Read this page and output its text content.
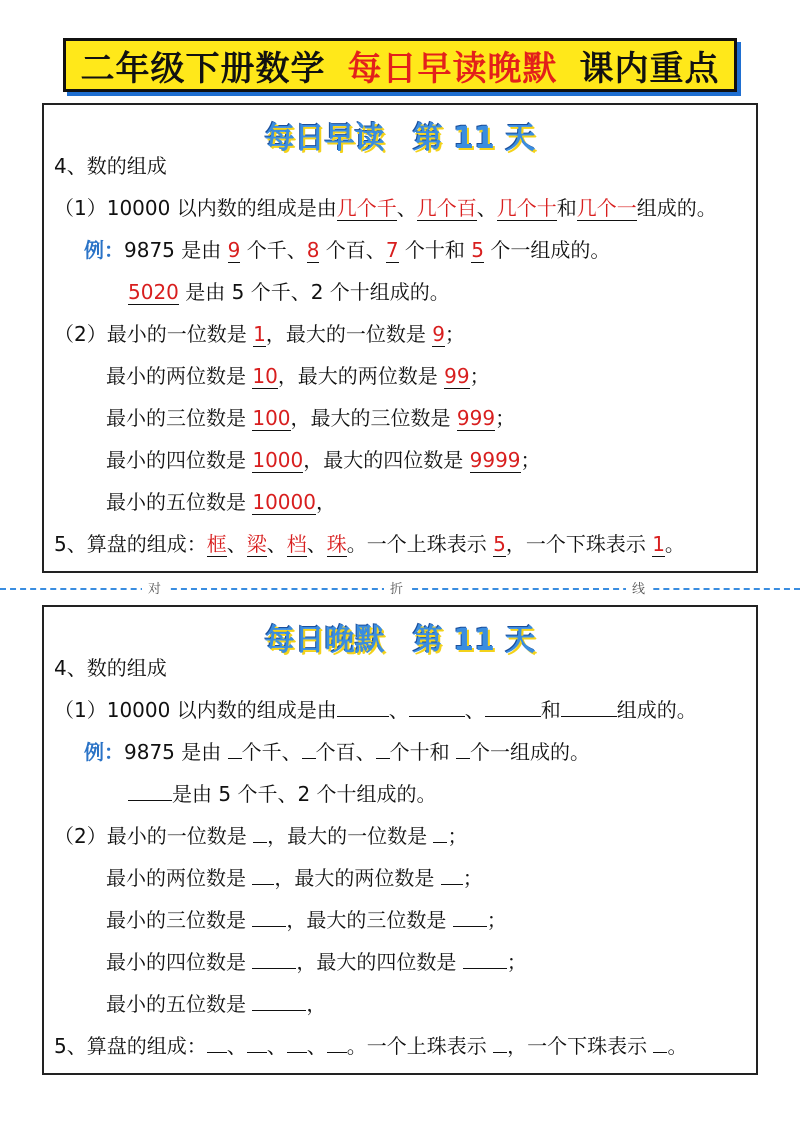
二年级下册数学 每日早读晚默 课内重点
每日早读 第 11 天
4、数的组成
（1）10000 以内数的组成是由几个千、几个百、几个十和几个一组成的。
例：9875 是由 9 个千、8 个百、7 个十和 5 个一组成的。
5020 是由 5 个千、2 个十组成的。
（2）最小的一位数是 1，最大的一位数是 9；
最小的两位数是 10，最大的两位数是 99；
最小的三位数是 100，最大的三位数是 999；
最小的四位数是 1000，最大的四位数是 9999；
最小的五位数是 10000，
5、算盘的组成：框、梁、档、珠。一个上珠表示 5，一个下珠表示 1。
对	折	线
每日晚默 第 11 天
4、数的组成
（1）10000 以内数的组成是由	、	、	和	组成的。
例：9875 是由 个千、 个百、 个十和 个一组成的。
是由 5 个千、2 个十组成的。
（2）最小的一位数是 ，最大的一位数是 ；
最小的两位数是 ，最大的两位数是 ；
最小的三位数是 ，最大的三位数是 ；
最小的四位数是 ，最大的四位数是 ；
最小的五位数是	，
5、算盘的组成： 、 、 、 。一个上珠表示 ，一个下珠表示 。
